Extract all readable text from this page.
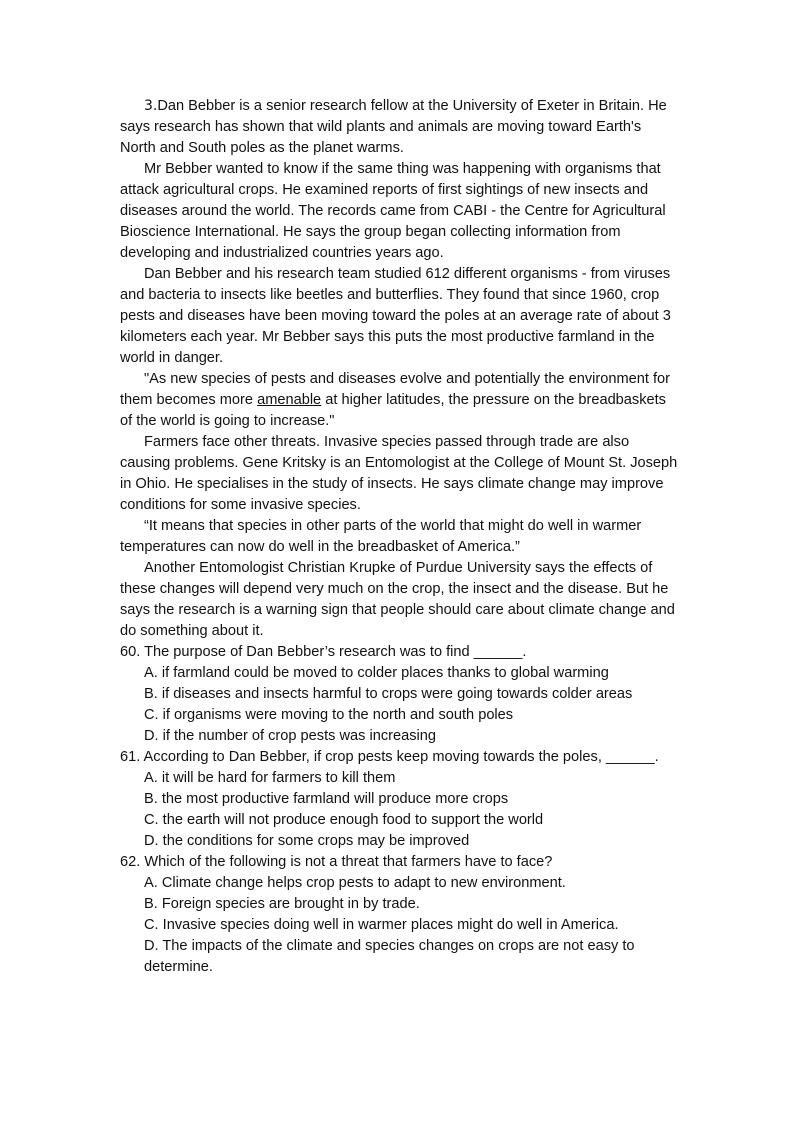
3.Dan Bebber is a senior research fellow at the University of Exeter in Britain. He says research has shown that wild plants and animals are moving toward Earth's North and South poles as the planet warms.

Mr Bebber wanted to know if the same thing was happening with organisms that attack agricultural crops. He examined reports of first sightings of new insects and diseases around the world. The records came from CABI - the Centre for Agricultural Bioscience International. He says the group began collecting information from developing and industrialized countries years ago.

Dan Bebber and his research team studied 612 different organisms - from viruses and bacteria to insects like beetles and butterflies. They found that since 1960, crop pests and diseases have been moving toward the poles at an average rate of about 3 kilometers each year. Mr Bebber says this puts the most productive farmland in the world in danger.

"As new species of pests and diseases evolve and potentially the environment for them becomes more amenable at higher latitudes, the pressure on the breadbaskets of the world is going to increase."

Farmers face other threats. Invasive species passed through trade are also causing problems. Gene Kritsky is an Entomologist at the College of Mount St. Joseph in Ohio. He specialises in the study of insects. He says climate change may improve conditions for some invasive species.

“It means that species in other parts of the world that might do well in warmer temperatures can now do well in the breadbasket of America.”

Another Entomologist Christian Krupke of Purdue University says the effects of these changes will depend very much on the crop, the insect and the disease. But he says the research is a warning sign that people should care about climate change and do something about it.

60. The purpose of Dan Bebber’s research was to find ______.

A. if farmland could be moved to colder places thanks to global warming
B. if diseases and insects harmful to crops were going towards colder areas
C. if organisms were moving to the north and south poles
D. if the number of crop pests was increasing

61. According to Dan Bebber, if crop pests keep moving towards the poles, ______.

A. it will be hard for farmers to kill them
B. the most productive farmland will produce more crops
C. the earth will not produce enough food to support the world
D. the conditions for some crops may be improved

62. Which of the following is not a threat that farmers have to face?

A. Climate change helps crop pests to adapt to new environment.
B. Foreign species are brought in by trade.
C. Invasive species doing well in warmer places might do well in America.
D. The impacts of the climate and species changes on crops are not easy to determine.
